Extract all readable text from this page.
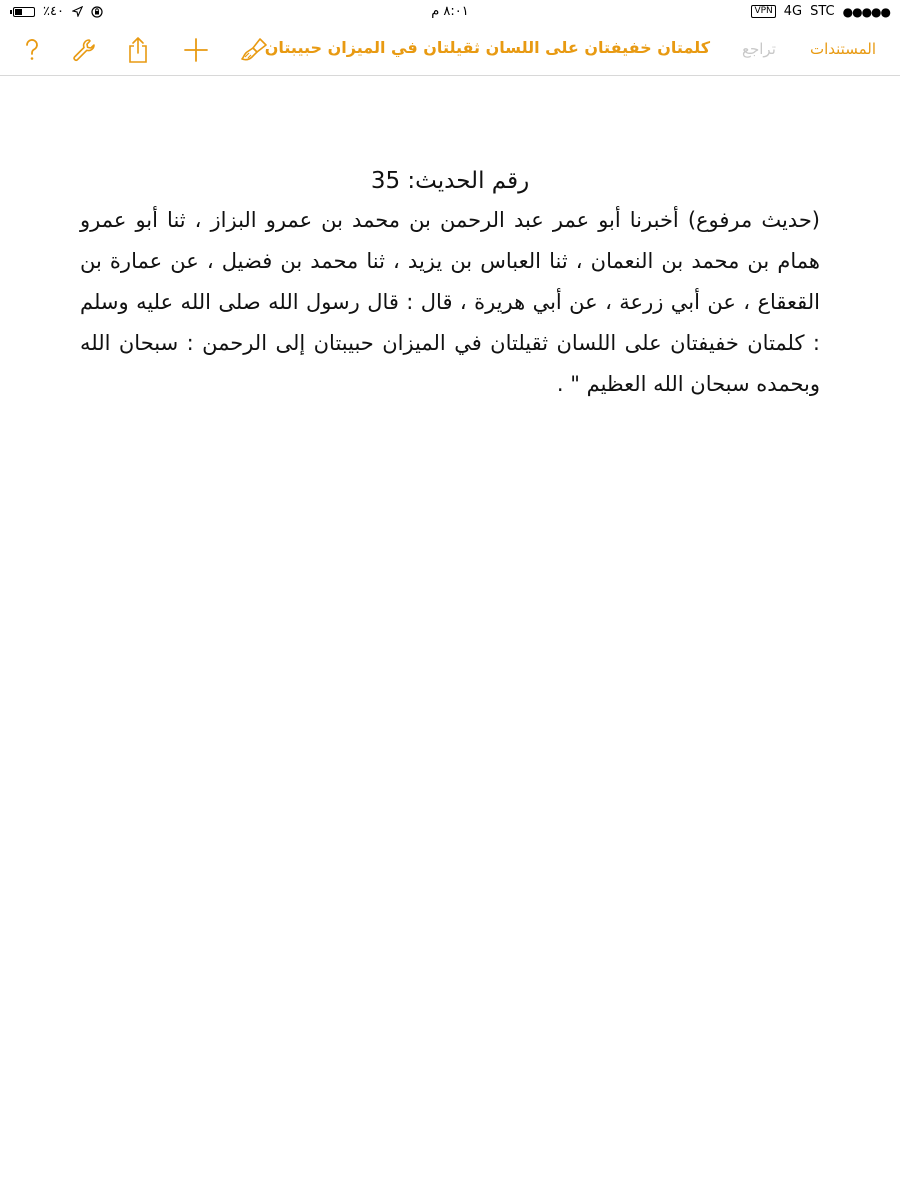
٪٤٠	٨:٠١ م	VPN 4G STC ●●●●●
كلمتان خفيفتان على اللسان ثقيلتان في الميزان حبيبتان تراجع المستندات
رقم الحديث: 35
(حديث مرفوع) أخبرنا أبو عمر عبد الرحمن بن محمد بن عمرو البزاز ، ثنا أبو عمرو همام بن محمد بن النعمان ، ثنا العباس بن يزيد ، ثنا محمد بن فضيل ، عن عمارة بن القعقاع ، عن أبي زرعة ، عن أبي هريرة ، قال : قال رسول الله صلى الله عليه وسلم : كلمتان خفيفتان على اللسان ثقيلتان في الميزان حبيبتان إلى الرحمن : سبحان الله وبحمده سبحان الله العظيم " .
